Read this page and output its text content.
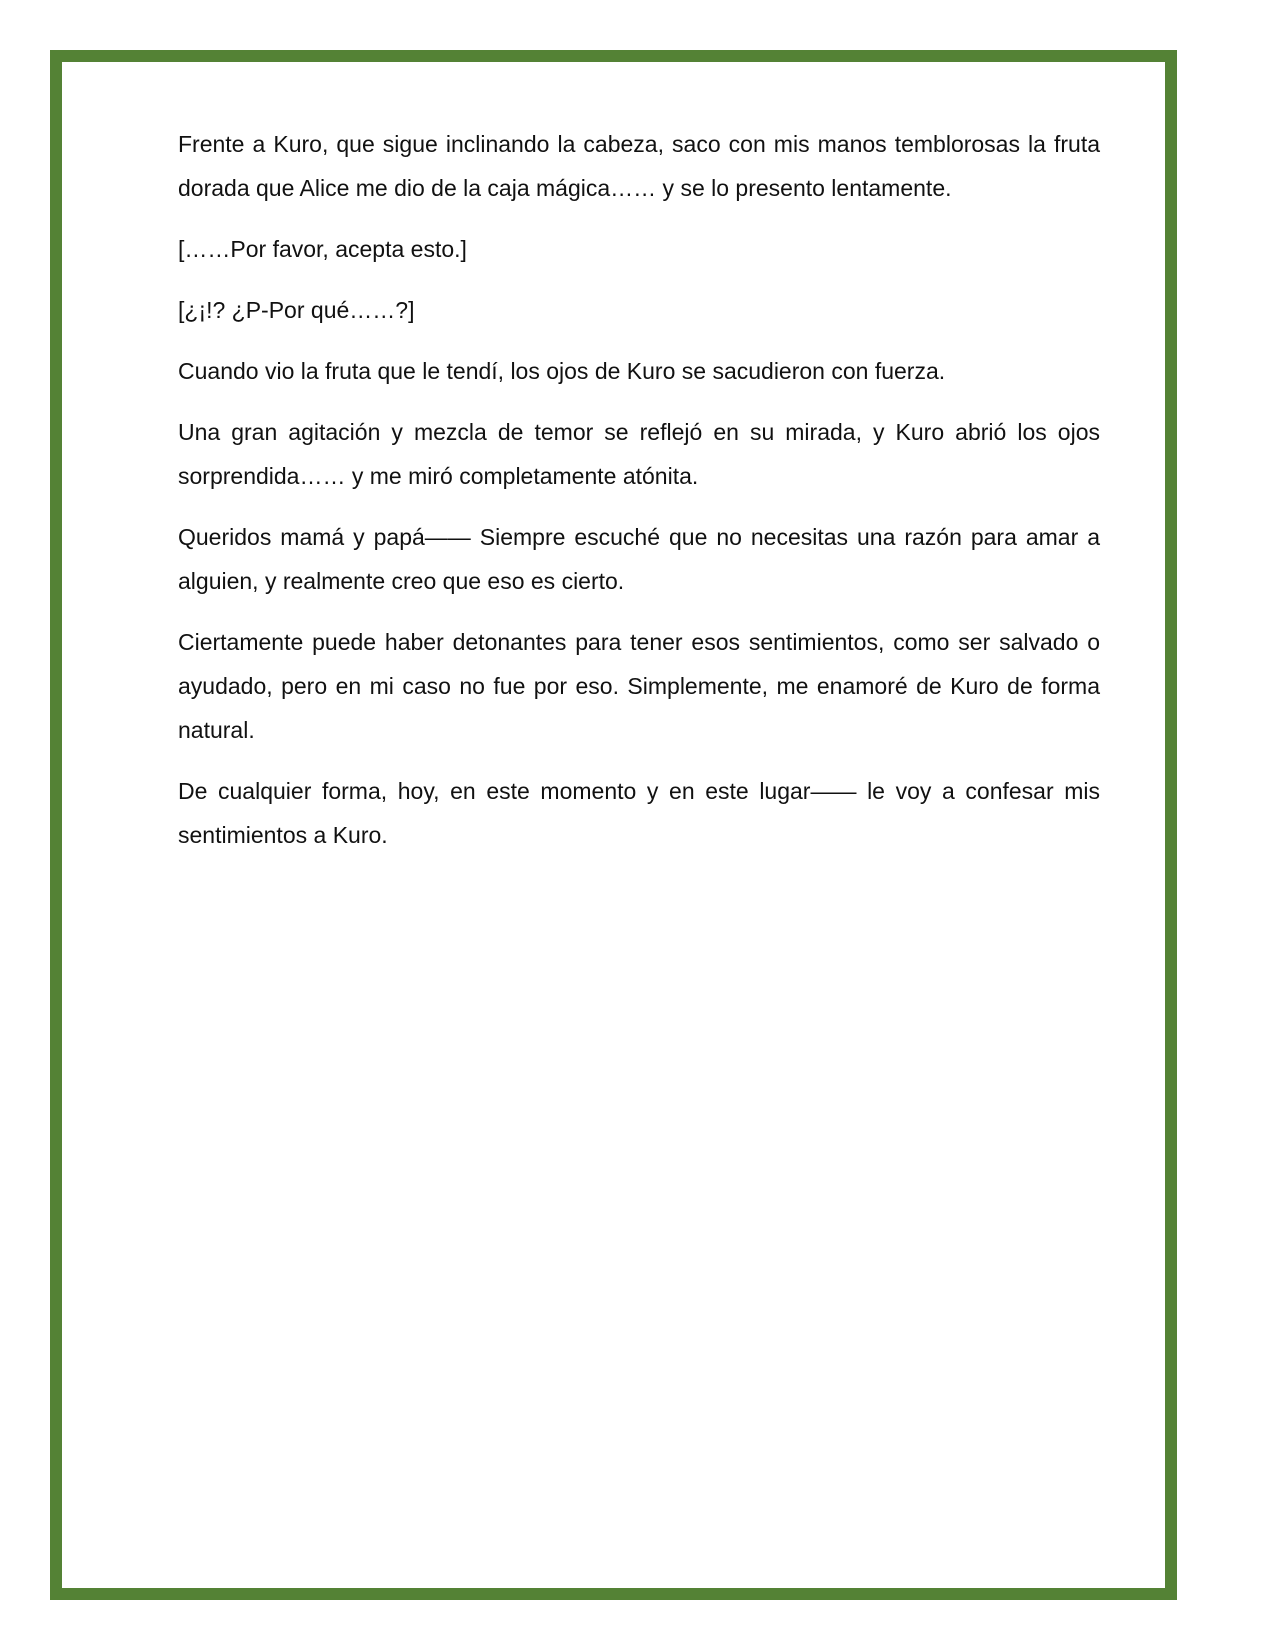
Frente a Kuro, que sigue inclinando la cabeza, saco con mis manos temblorosas la fruta dorada que Alice me dio de la caja mágica…… y se lo presento lentamente.

[……Por favor, acepta esto.]

[¿¡!? ¿P-Por qué……?]

Cuando vio la fruta que le tendí, los ojos de Kuro se sacudieron con fuerza.

Una gran agitación y mezcla de temor se reflejó en su mirada, y Kuro abrió los ojos sorprendida…… y me miró completamente atónita.

Queridos mamá y papá—— Siempre escuché que no necesitas una razón para amar a alguien, y realmente creo que eso es cierto.

Ciertamente puede haber detonantes para tener esos sentimientos, como ser salvado o ayudado, pero en mi caso no fue por eso. Simplemente, me enamoré de Kuro de forma natural.

De cualquier forma, hoy, en este momento y en este lugar—— le voy a confesar mis sentimientos a Kuro.
